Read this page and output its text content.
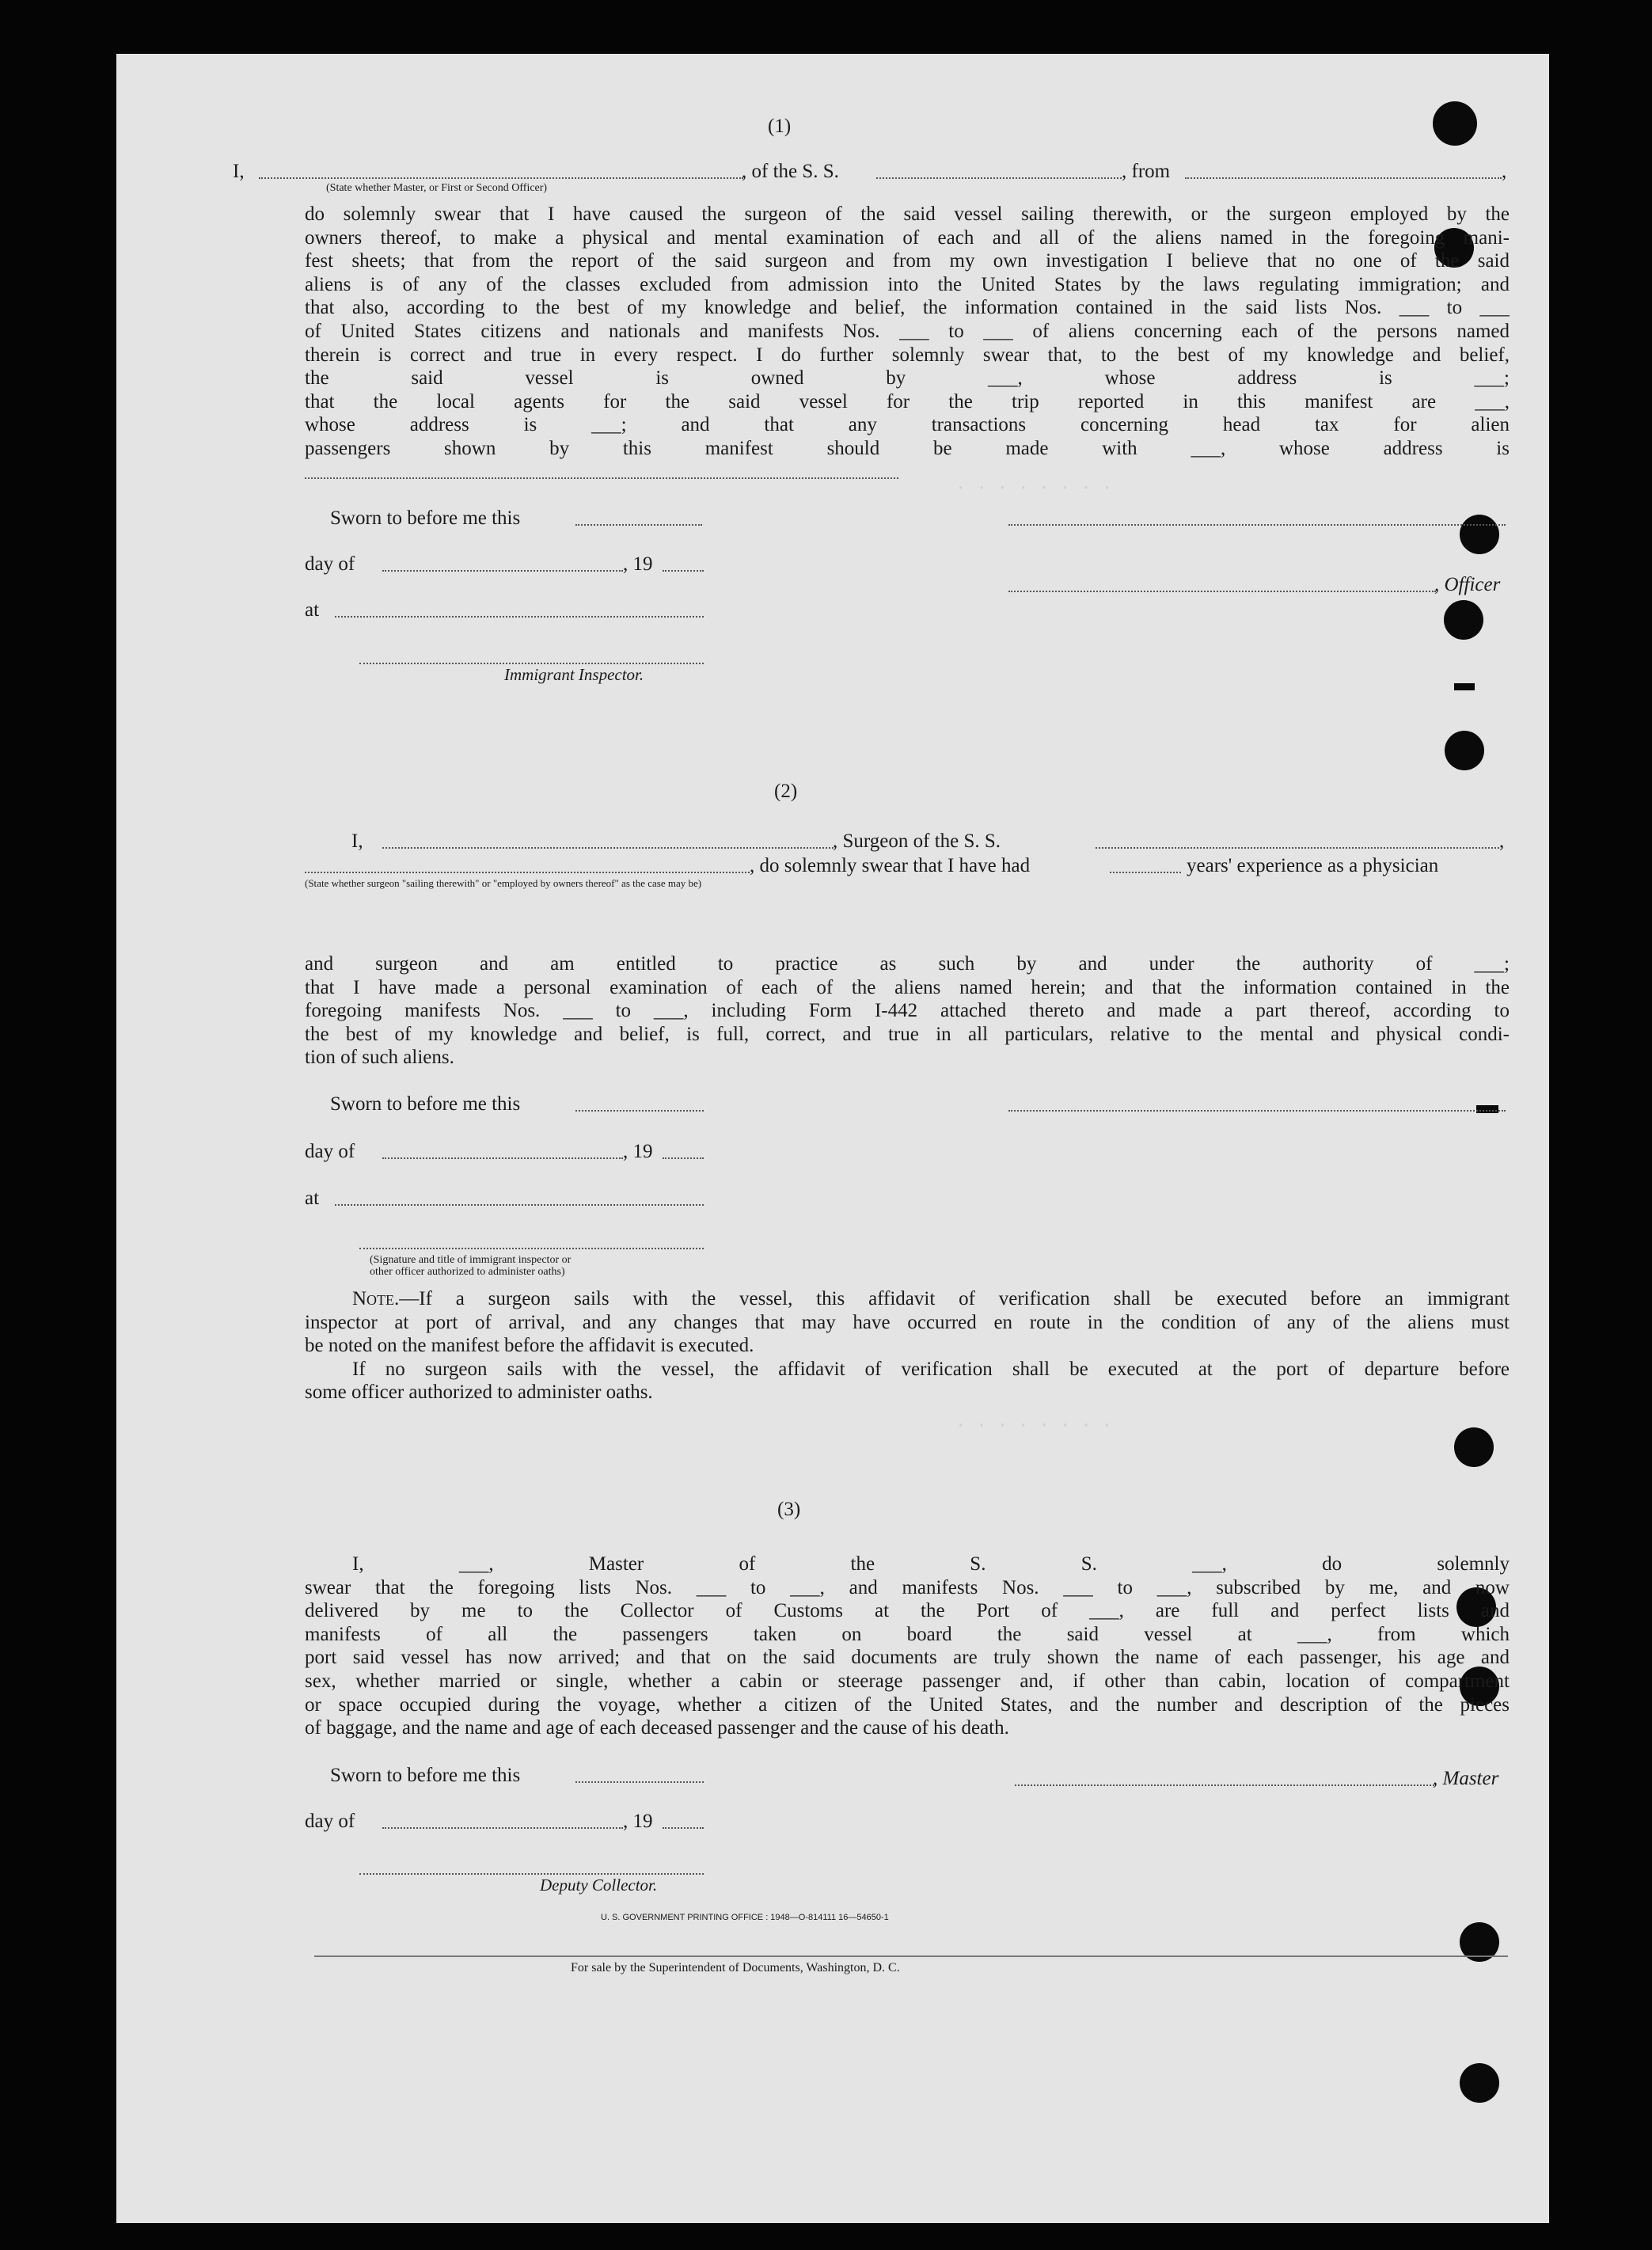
· · · · · · · ·
· · · · · · · ·
(1)
I,
(State whether Master, or First or Second Officer)
, of the S. S.	, from	,
do solemnly swear that I have caused the surgeon of the said vessel sailing therewith, or the surgeon employed by the
owners thereof, to make a physical and mental examination of each and all of the aliens named in the foregoing mani-
fest sheets; that from the report of the said surgeon and from my own investigation I believe that no one of the said
aliens is of any of the classes excluded from admission into the United States by the laws regulating immigration; and
that also, according to the best of my knowledge and belief, the information contained in the said lists Nos. ___ to ___
of United States citizens and nationals and manifests Nos. ___ to ___ of aliens concerning each of the persons named
therein is correct and true in every respect. I do further solemnly swear that, to the best of my knowledge and belief,
the said vessel is owned by ___, whose address is ___;
that the local agents for the said vessel for the trip reported in this manifest are ___,
whose address is ___; and that any transactions concerning head tax for alien
passengers shown by this manifest should be made with ___, whose address is
Sworn to before me this
day of	, 19
, Officer
at
Immigrant Inspector.
(2)
I,	, Surgeon of the S. S.	,
(State whether surgeon "sailing therewith" or "employed by owners thereof" as the case may be)
, do solemnly swear that I have had	years' experience as a physician
and surgeon and am entitled to practice as such by and under the authority of ___;
that I have made a personal examination of each of the aliens named herein; and that the information contained in the
foregoing manifests Nos. ___ to ___, including Form I-442 attached thereto and made a part thereof, according to
the best of my knowledge and belief, is full, correct, and true in all particulars, relative to the mental and physical condi-
tion of such aliens.
Sworn to before me this
day of	, 19
at
(Signature and title of immigrant inspector or
other officer authorized to administer oaths)
Note.—If a surgeon sails with the vessel, this affidavit of verification shall be executed before an immigrant
inspector at port of arrival, and any changes that may have occurred en route in the condition of any of the aliens must
be noted on the manifest before the affidavit is executed.
If no surgeon sails with the vessel, the affidavit of verification shall be executed at the port of departure before
some officer authorized to administer oaths.
(3)
I, ___, Master of the S. S. ___, do solemnly
swear that the foregoing lists Nos. ___ to ___, and manifests Nos. ___ to ___, subscribed by me, and now
delivered by me to the Collector of Customs at the Port of ___, are full and perfect lists and
manifests of all the passengers taken on board the said vessel at ___, from which
port said vessel has now arrived; and that on the said documents are truly shown the name of each passenger, his age and
sex, whether married or single, whether a cabin or steerage passenger and, if other than cabin, location of compartment
or space occupied during the voyage, whether a citizen of the United States, and the number and description of the pieces
of baggage, and the name and age of each deceased passenger and the cause of his death.
Sworn to before me this	, Master
day of	, 19
Deputy Collector.
U. S. GOVERNMENT PRINTING OFFICE : 1948—O-814111 16—54650-1
For sale by the Superintendent of Documents, Washington, D. C.
